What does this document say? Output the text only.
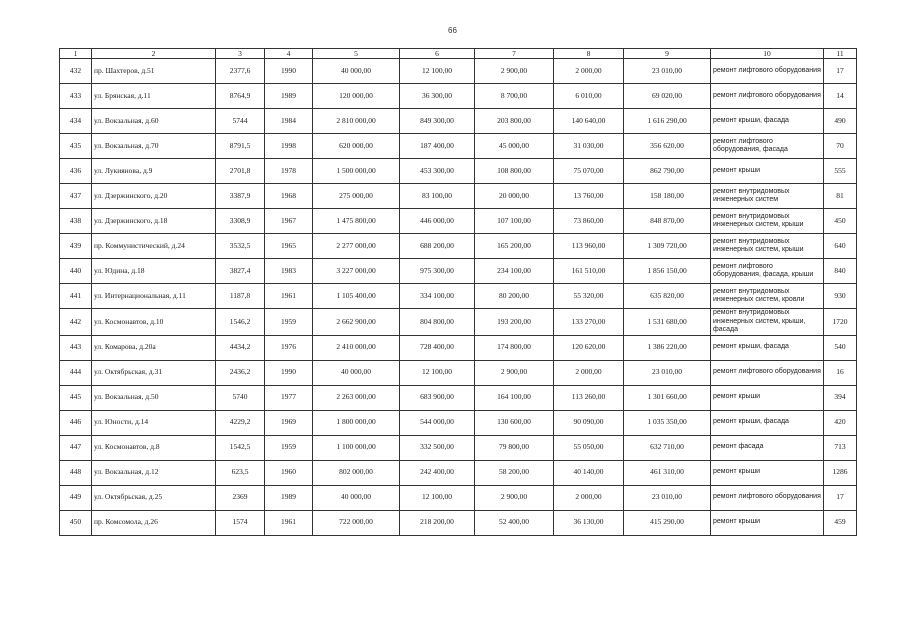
66
1	2	3	4	5	6	7	8	9	10	11
432	пр. Шахтеров, д.51	2377,6	1990	40 000,00	12 100,00	2 900,00	2 000,00	23 010,00	ремонт лифтового оборудования	17
433	ул. Брянская, д.11	8764,9	1989	120 000,00	36 300,00	8 700,00	6 010,00	69 020,00	ремонт лифтового оборудования	14
434	ул. Вокзальная, д.60	5744	1984	2 810 000,00	849 300,00	203 800,00	140 640,00	1 616 290,00	ремонт крыши, фасада	490
435	ул. Вокзальная, д.70	8791,5	1998	620 000,00	187 400,00	45 000,00	31 030,00	356 620,00	ремонт лифтового оборудования, фасада	70
436	ул. Лукиянова, д.9	2701,8	1978	1 500 000,00	453 300,00	108 800,00	75 070,00	862 790,00	ремонт крыши	555
437	ул. Дзержинского, д.20	3387,9	1968	275 000,00	83 100,00	20 000,00	13 760,00	158 180,00	ремонт внутридомовых инженерных систем	81
438	ул. Дзержинского, д.18	3308,9	1967	1 475 800,00	446 000,00	107 100,00	73 860,00	848 870,00	ремонт внутридомовых инженерных систем, крыши	450
439	пр. Коммунистический, д.24	3532,5	1965	2 277 000,00	688 200,00	165 200,00	113 960,00	1 309 720,00	ремонт внутридомовых инженерных систем, крыши	640
440	ул. Юдина, д.18	3827,4	1983	3 227 000,00	975 300,00	234 100,00	161 510,00	1 856 150,00	ремонт лифтового оборудования, фасада, крыши	840
441	ул. Интернациональная, д.11	1187,8	1961	1 105 400,00	334 100,00	80 200,00	55 320,00	635 820,00	ремонт внутридомовых инженерных систем, кровли	930
442	ул. Космонавтов, д.10	1546,2	1959	2 662 900,00	804 800,00	193 200,00	133 270,00	1 531 680,00	ремонт внутридомовых инженерных систем, крыши, фасада	1720
443	ул. Комарова, д.20а	4434,2	1976	2 410 000,00	728 400,00	174 800,00	120 620,00	1 386 220,00	ремонт крыши, фасада	540
444	ул. Октябрьская, д.31	2436,2	1990	40 000,00	12 100,00	2 900,00	2 000,00	23 010,00	ремонт лифтового оборудования	16
445	ул. Вокзальная, д.50	5740	1977	2 263 000,00	683 900,00	164 100,00	113 260,00	1 301 660,00	ремонт крыши	394
446	ул. Юности, д.14	4229,2	1969	1 800 000,00	544 000,00	130 600,00	90 090,00	1 035 350,00	ремонт крыши, фасада	420
447	ул. Космонавтов, д.8	1542,5	1959	1 100 000,00	332 500,00	79 800,00	55 050,00	632 710,00	ремонт фасада	713
448	ул. Вокзальная, д.12	623,5	1960	802 000,00	242 400,00	58 200,00	40 140,00	461 310,00	ремонт крыши	1286
449	ул. Октябрьская, д.25	2369	1989	40 000,00	12 100,00	2 900,00	2 000,00	23 010,00	ремонт лифтового оборудования	17
450	пр. Комсомола, д.26	1574	1961	722 000,00	218 200,00	52 400,00	36 130,00	415 290,00	ремонт крыши	459
